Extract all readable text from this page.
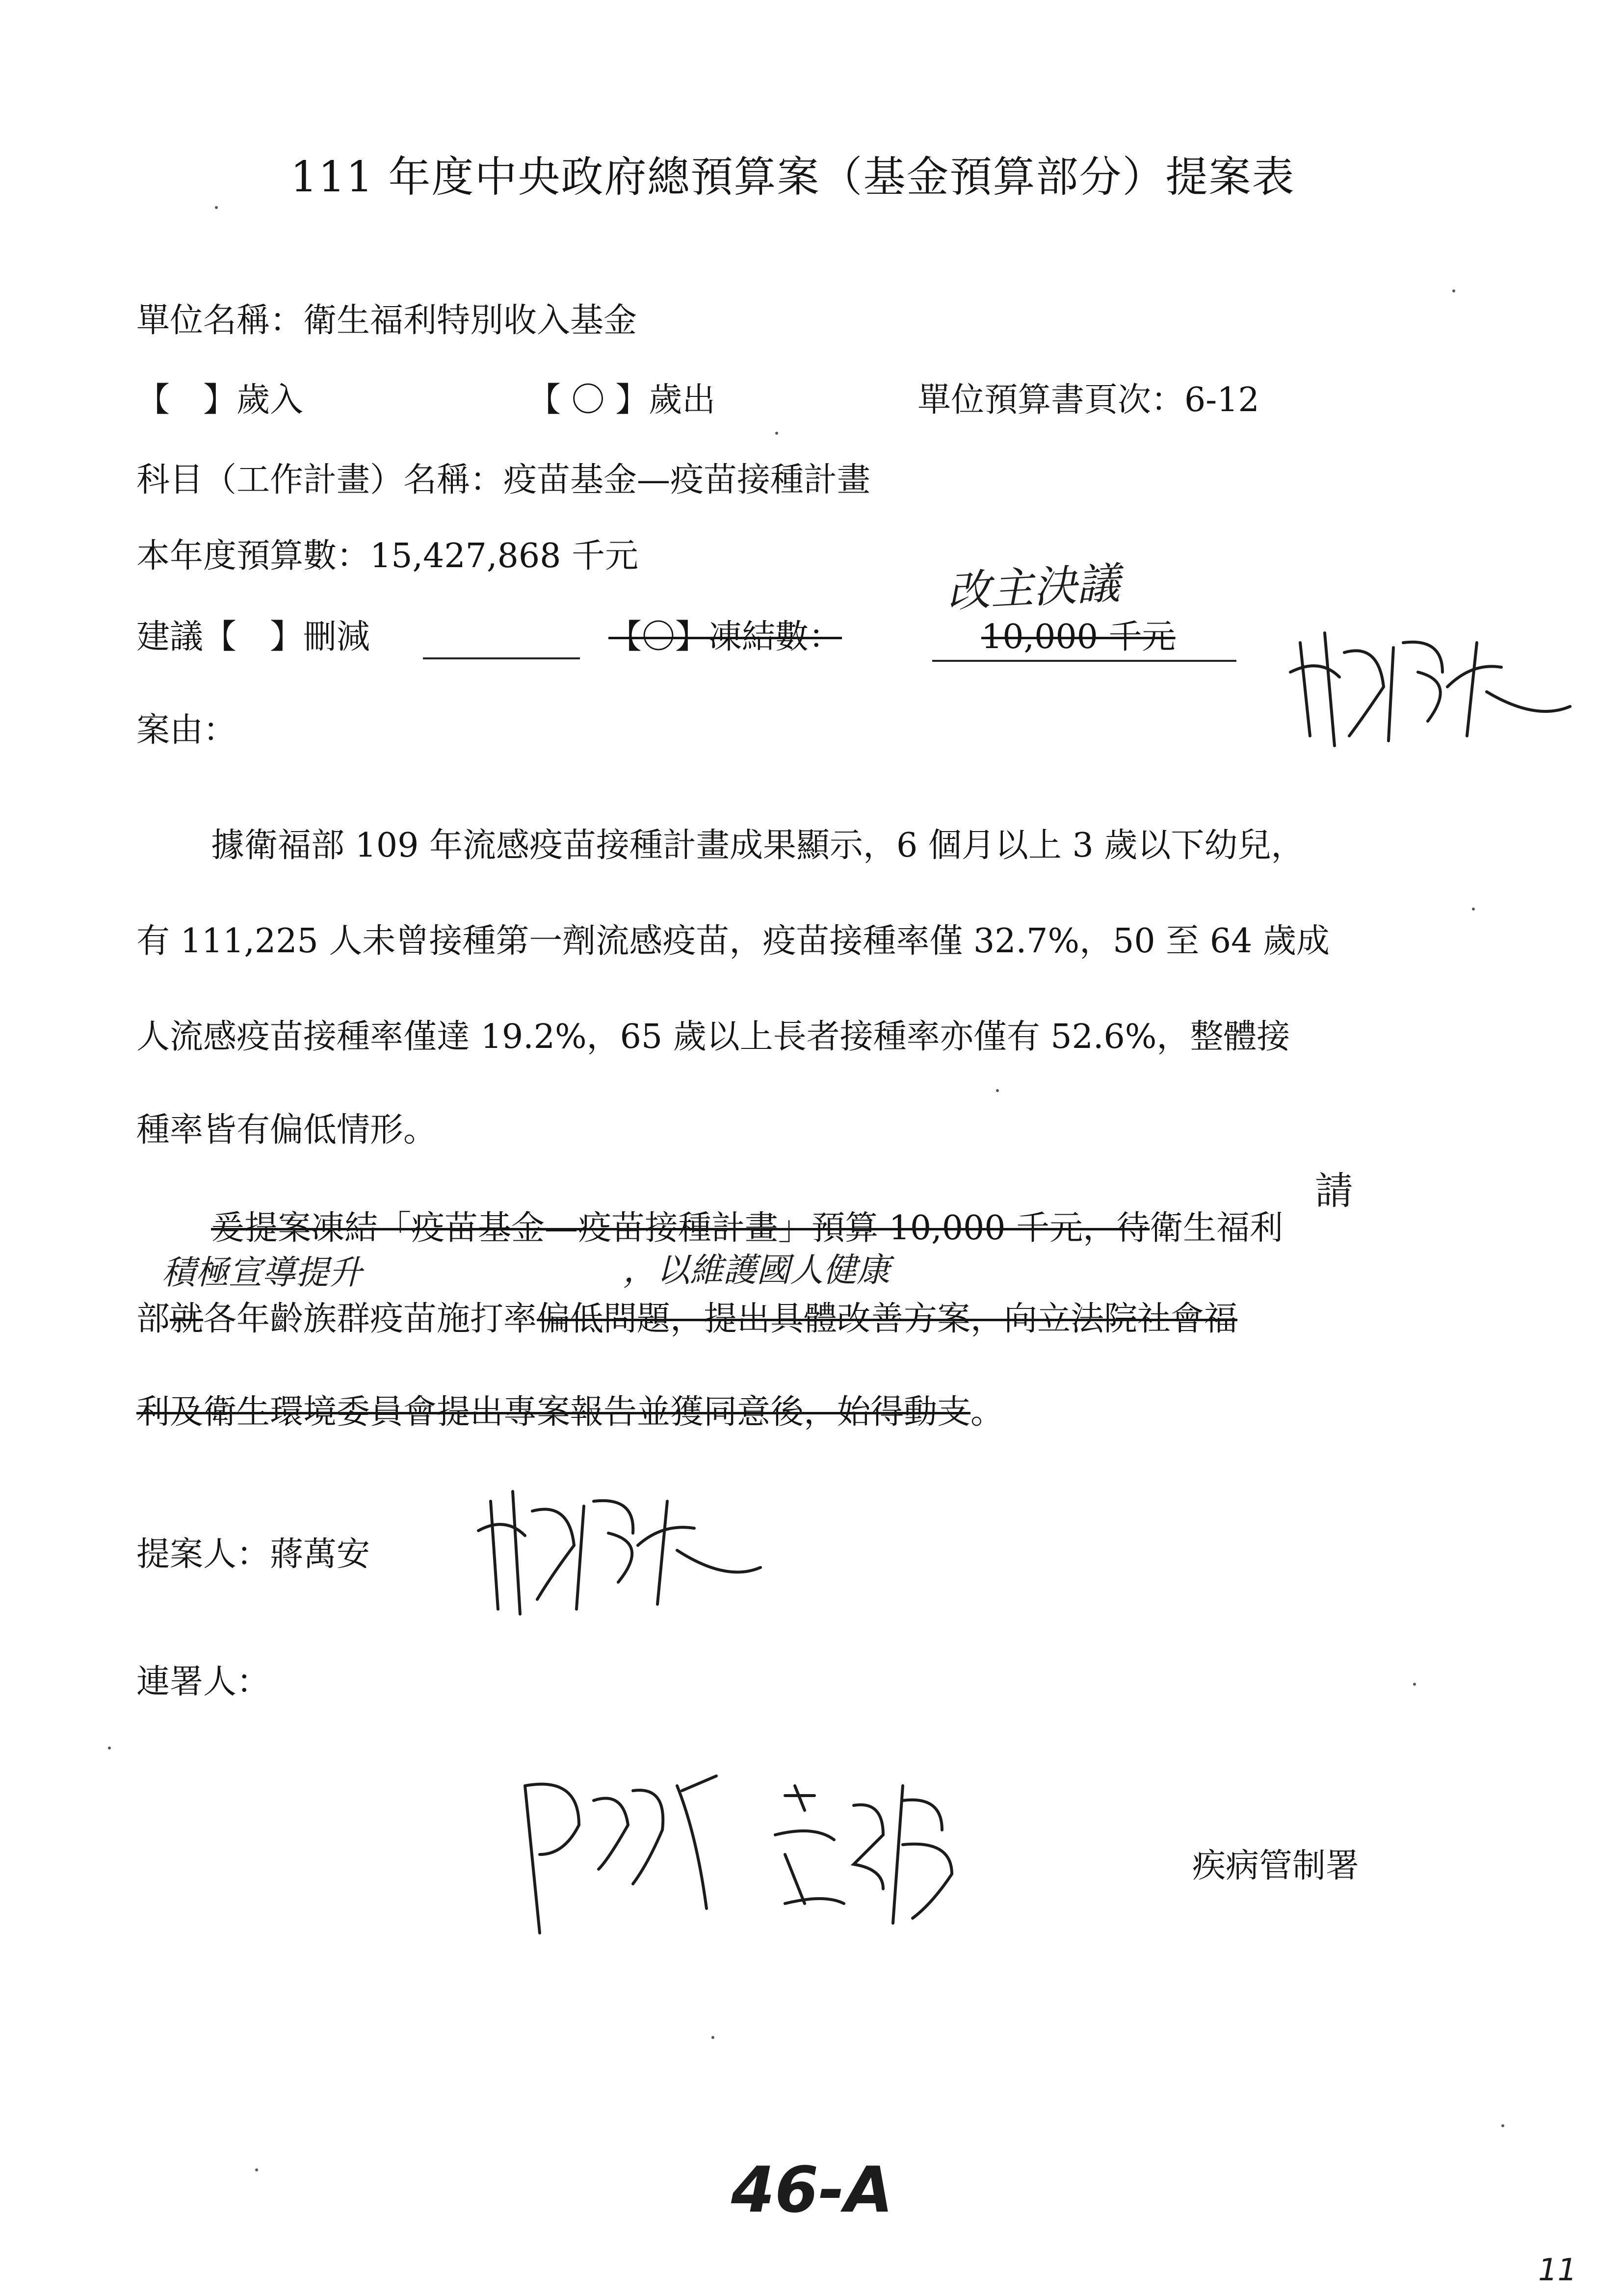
111 年度中央政府總預算案（基金預算部分）提案表
單位名稱：衛生福利特別收入基金
【　】歲入	【 〇 】歲出	單位預算書頁次：6-12
科目（工作計畫）名稱：疫苗基金—疫苗接種計畫
本年度預算數：15,427,868 千元
改主決議
建議【　】刪減	【〇】凍結數：	10,000 千元
案由：
據衛福部 109 年流感疫苗接種計畫成果顯示，6 個月以上 3 歲以下幼兒，
有 111,225 人未曾接種第一劑流感疫苗，疫苗接種率僅 32.7%，50 至 64 歲成
人流感疫苗接種率僅達 19.2%，65 歲以上長者接種率亦僅有 52.6%，整體接
種率皆有偏低情形。
請
爰提案凍結「疫苗基金—疫苗接種計畫」預算 10,000 千元，待衛生福利
積極宣導提升	，以維護國人健康
部就各年齡族群疫苗施打率偏低問題，提出具體改善方案，向立法院社會福
利及衛生環境委員會提出專案報告並獲同意後，始得動支。
提案人：蔣萬安
連署人：
疾病管制署
46-A
11
